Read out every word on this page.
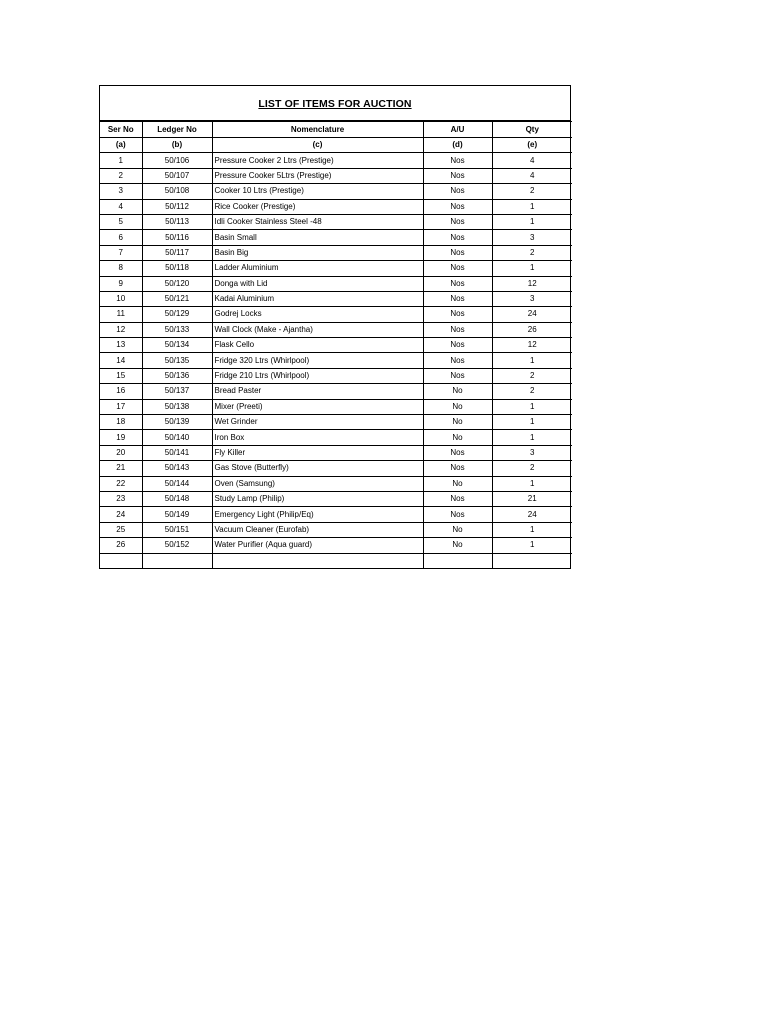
LIST OF ITEMS FOR AUCTION
Ser No	Ledger No	Nomenclature	A/U	Qty
(a)	(b)	(c)	(d)	(e)
1	50/106	Pressure Cooker 2 Ltrs (Prestige)	Nos	4
2	50/107	Pressure Cooker 5Ltrs (Prestige)	Nos	4
3	50/108	Cooker 10 Ltrs (Prestige)	Nos	2
4	50/112	Rice Cooker (Prestige)	Nos	1
5	50/113	Idli Cooker Stainless Steel -48	Nos	1
6	50/116	Basin Small	Nos	3
7	50/117	Basin Big	Nos	2
8	50/118	Ladder Aluminium	Nos	1
9	50/120	Donga with Lid	Nos	12
10	50/121	Kadai Aluminium	Nos	3
11	50/129	Godrej Locks	Nos	24
12	50/133	Wall Clock (Make - Ajantha)	Nos	26
13	50/134	Flask Cello	Nos	12
14	50/135	Fridge 320 Ltrs (Whirlpool)	Nos	1
15	50/136	Fridge 210 Ltrs (Whirlpool)	Nos	2
16	50/137	Bread Paster	No	2
17	50/138	Mixer (Preeti)	No	1
18	50/139	Wet Grinder	No	1
19	50/140	Iron Box	No	1
20	50/141	Fly Killer	Nos	3
21	50/143	Gas Stove (Butterfly)	Nos	2
22	50/144	Oven (Samsung)	No	1
23	50/148	Study Lamp (Philip)	Nos	21
24	50/149	Emergency Light (Philip/Eq)	Nos	24
25	50/151	Vacuum Cleaner (Eurofab)	No	1
26	50/152	Water Purifier (Aqua guard)	No	1
